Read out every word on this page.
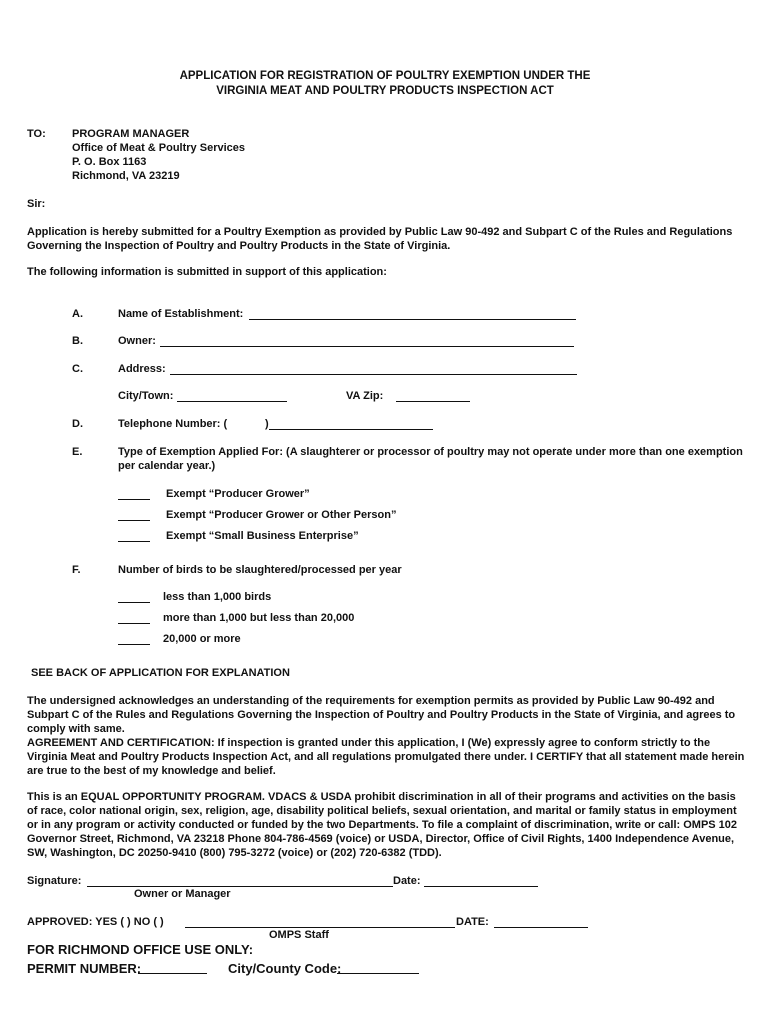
APPLICATION FOR REGISTRATION OF POULTRY EXEMPTION UNDER THE
VIRGINIA MEAT AND POULTRY PRODUCTS INSPECTION ACT
TO: PROGRAM MANAGER
Office of Meat & Poultry Services
P. O. Box 1163
Richmond, VA 23219
Sir:
Application is hereby submitted for a Poultry Exemption as provided by Public Law 90-492 and Subpart C of the Rules and Regulations Governing the Inspection of Poultry and Poultry Products in the State of Virginia.
The following information is submitted in support of this application:
A.	Name of Establishment:
B.	Owner:
C.	Address:
City/Town:	VA Zip:
D.	Telephone Number: (	)
E.	Type of Exemption Applied For: (A slaughterer or processor of poultry may not operate under more than one exemption
per calendar year.)
Exempt “Producer Grower”
Exempt “Producer Grower or Other Person”
Exempt “Small Business Enterprise”
F.	Number of birds to be slaughtered/processed per year
less than 1,000 birds
more than 1,000 but less than 20,000
20,000 or more
SEE BACK OF APPLICATION FOR EXPLANATION
The undersigned acknowledges an understanding of the requirements for exemption permits as provided by Public Law 90-492 and Subpart C of the Rules and Regulations Governing the Inspection of Poultry and Poultry Products in the State of Virginia, and agrees to comply with same.
AGREEMENT AND CERTIFICATION: If inspection is granted under this application, I (We) expressly agree to conform strictly to the Virginia Meat and Poultry Products Inspection Act, and all regulations promulgated there under. I CERTIFY that all statement made herein are true to the best of my knowledge and belief.
This is an EQUAL OPPORTUNITY PROGRAM. VDACS & USDA prohibit discrimination in all of their programs and activities on the basis of race, color national origin, sex, religion, age, disability political beliefs, sexual orientation, and marital or family status in employment or in any program or activity conducted or funded by the two Departments. To file a complaint of discrimination, write or call: OMPS 102 Governor Street, Richmond, VA 23218 Phone 804-786-4569 (voice) or USDA, Director, Office of Civil Rights, 1400 Independence Avenue, SW, Washington, DC 20250-9410 (800) 795-3272 (voice) or (202) 720-6382 (TDD).
Signature:	Date:
Owner or Manager
APPROVED: YES ( ) NO ( )	DATE:
OMPS Staff
FOR RICHMOND OFFICE USE ONLY:
PERMIT NUMBER:	City/County Code:
